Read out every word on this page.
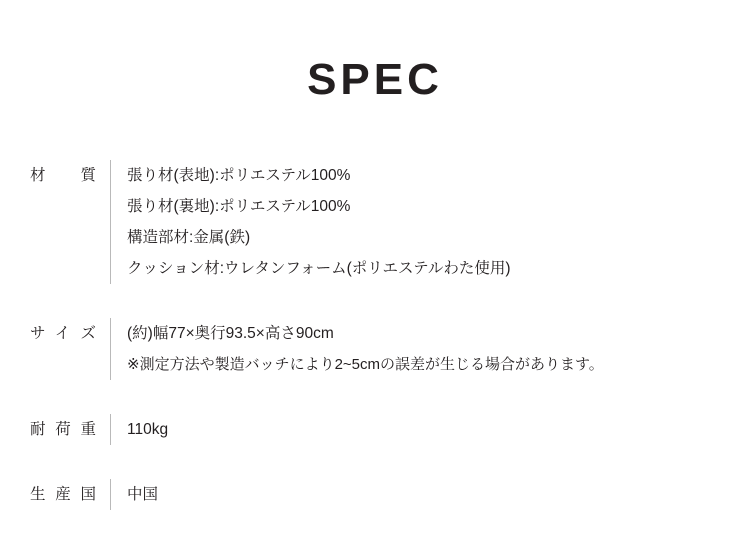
SPEC
材　質	張り材(表地):ポリエステル100%
張り材(裏地):ポリエステル100%
構造部材:金属(鉄)
クッション材:ウレタンフォーム(ポリエステルわた使用)
サイズ	(約)幅77×奥行93.5×高さ90cm
※測定方法や製造バッチにより2~5cmの誤差が生じる場合があります。
耐荷重	110kg
生産国	中国
